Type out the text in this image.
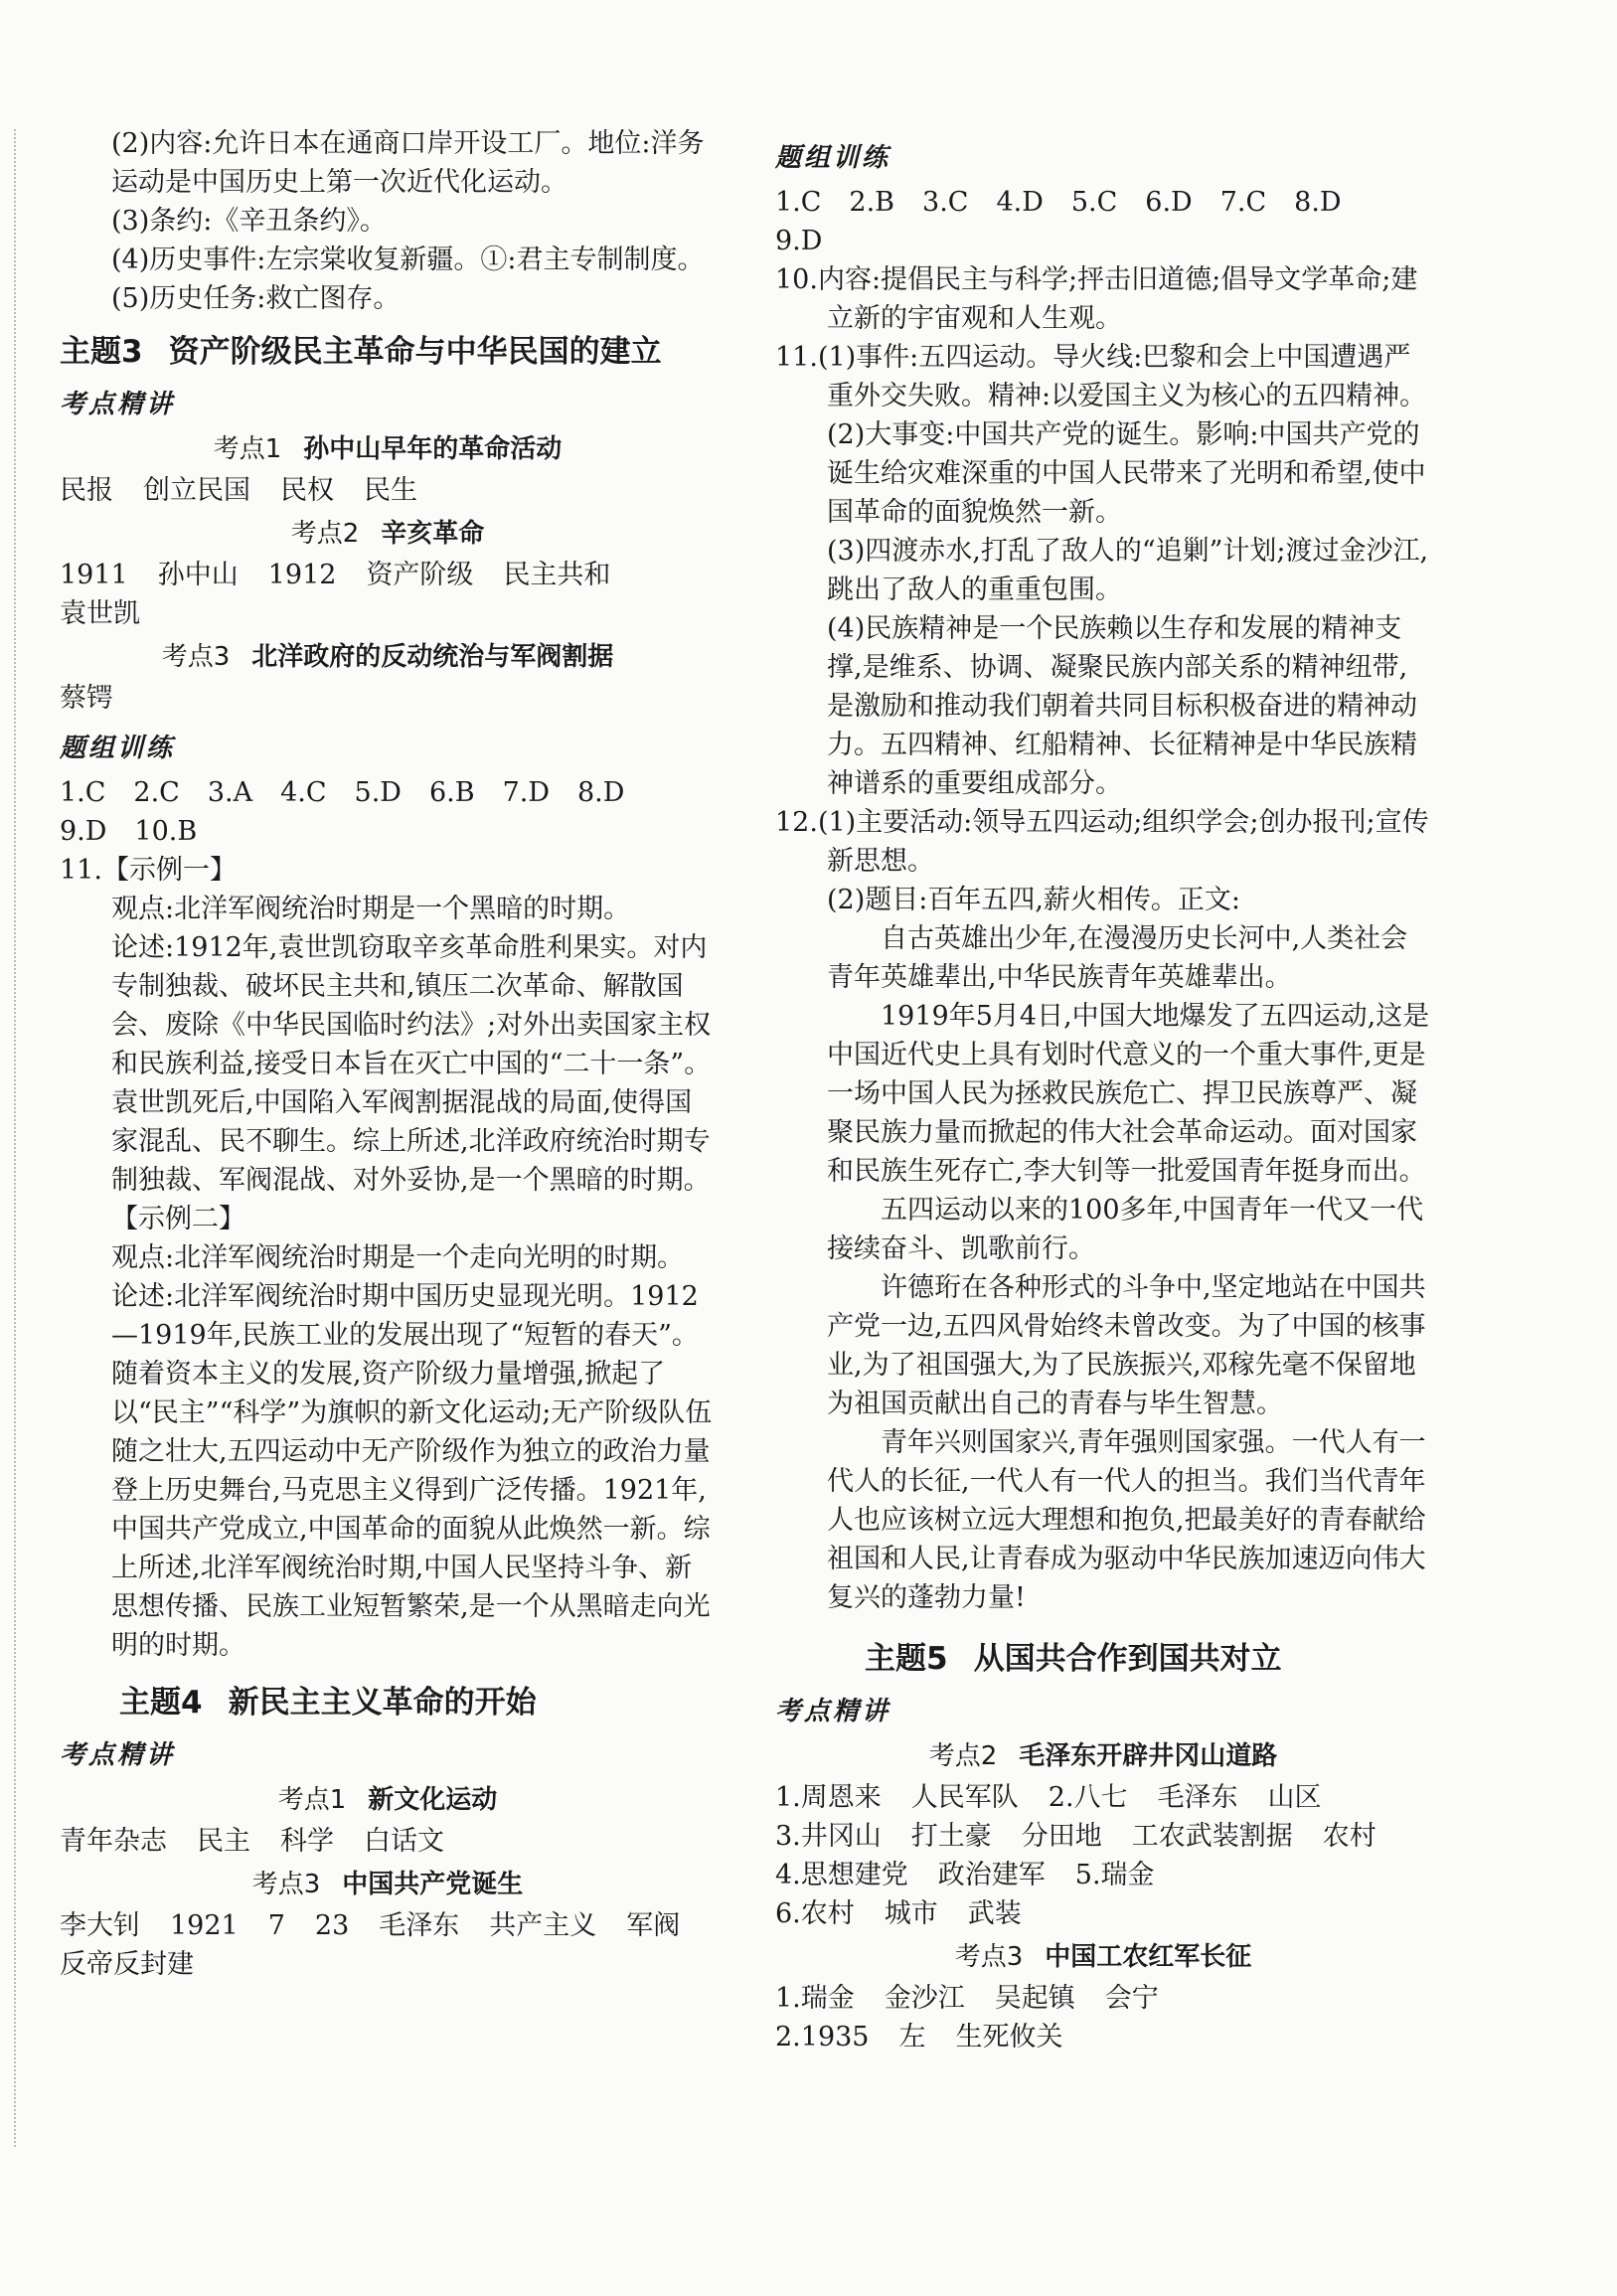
(2)内容:允许日本在通商口岸开设工厂。地位:洋务运动是中国历史上第一次近代化运动。

(3)条约:《辛丑条约》。

(4)历史事件:左宗棠收复新疆。①:君主专制制度。

(5)历史任务:救亡图存。

主题3 资产阶级民主革命与中华民国的建立
考点精讲
考点1 孙中山早年的革命活动

民报 创立民国 民权 民生

考点2 辛亥革命

1911 孙中山 1912 资产阶级 民主共和
袁世凯

考点3 北洋政府的反动统治与军阀割据

蔡锷

题组训练

1.C 2.C 3.A 4.C 5.D 6.B 7.D 8.D
9.D 10.B

11.【示例一】

观点:北洋军阀统治时期是一个黑暗的时期。

论述:1912年,袁世凯窃取辛亥革命胜利果实。对内专制独裁、破坏民主共和,镇压二次革命、解散国会、废除《中华民国临时约法》;对外出卖国家主权和民族利益,接受日本旨在灭亡中国的“二十一条”。袁世凯死后,中国陷入军阀割据混战的局面,使得国家混乱、民不聊生。综上所述,北洋政府统治时期专制独裁、军阀混战、对外妥协,是一个黑暗的时期。

【示例二】

观点:北洋军阀统治时期是一个走向光明的时期。

论述:北洋军阀统治时期中国历史显现光明。1912—1919年,民族工业的发展出现了“短暂的春天”。随着资本主义的发展,资产阶级力量增强,掀起了以“民主”“科学”为旗帜的新文化运动;无产阶级队伍随之壮大,五四运动中无产阶级作为独立的政治力量登上历史舞台,马克思主义得到广泛传播。1921年,中国共产党成立,中国革命的面貌从此焕然一新。综上所述,北洋军阀统治时期,中国人民坚持斗争、新思想传播、民族工业短暂繁荣,是一个从黑暗走向光明的时期。

主题4 新民主主义革命的开始
考点精讲
考点1 新文化运动

青年杂志 民主 科学 白话文

考点3 中国共产党诞生

李大钊 1921 7 23 毛泽东 共产主义 军阀
反帝反封建

题组训练

1.C 2.B 3.C 4.D 5.C 6.D 7.C 8.D
9.D

10.内容:提倡民主与科学;抨击旧道德;倡导文学革命;建立新的宇宙观和人生观。

11.(1)事件:五四运动。导火线:巴黎和会上中国遭遇严重外交失败。精神:以爱国主义为核心的五四精神。

(2)大事变:中国共产党的诞生。影响:中国共产党的诞生给灾难深重的中国人民带来了光明和希望,使中国革命的面貌焕然一新。

(3)四渡赤水,打乱了敌人的“追剿”计划;渡过金沙江,跳出了敌人的重重包围。

(4)民族精神是一个民族赖以生存和发展的精神支撑,是维系、协调、凝聚民族内部关系的精神纽带,是激励和推动我们朝着共同目标积极奋进的精神动力。五四精神、红船精神、长征精神是中华民族精神谱系的重要组成部分。

12.(1)主要活动:领导五四运动;组织学会;创办报刊;宣传新思想。

(2)题目:百年五四,薪火相传。正文:

自古英雄出少年,在漫漫历史长河中,人类社会青年英雄辈出,中华民族青年英雄辈出。

1919年5月4日,中国大地爆发了五四运动,这是中国近代史上具有划时代意义的一个重大事件,更是一场中国人民为拯救民族危亡、捍卫民族尊严、凝聚民族力量而掀起的伟大社会革命运动。面对国家和民族生死存亡,李大钊等一批爱国青年挺身而出。

五四运动以来的100多年,中国青年一代又一代接续奋斗、凯歌前行。

许德珩在各种形式的斗争中,坚定地站在中国共产党一边,五四风骨始终未曾改变。为了中国的核事业,为了祖国强大,为了民族振兴,邓稼先毫不保留地为祖国贡献出自己的青春与毕生智慧。

青年兴则国家兴,青年强则国家强。一代人有一代人的长征,一代人有一代人的担当。我们当代青年人也应该树立远大理想和抱负,把最美好的青春献给祖国和人民,让青春成为驱动中华民族加速迈向伟大复兴的蓬勃力量!

主题5 从国共合作到国共对立
考点精讲
考点2 毛泽东开辟井冈山道路

1.周恩来 人民军队 2.八七 毛泽东 山区
3.井冈山 打土豪 分田地 工农武装割据 农村
4.思想建党 政治建军 5.瑞金
6.农村 城市 武装

考点3 中国工农红军长征

1.瑞金 金沙江 吴起镇 会宁
2.1935 左 生死攸关
